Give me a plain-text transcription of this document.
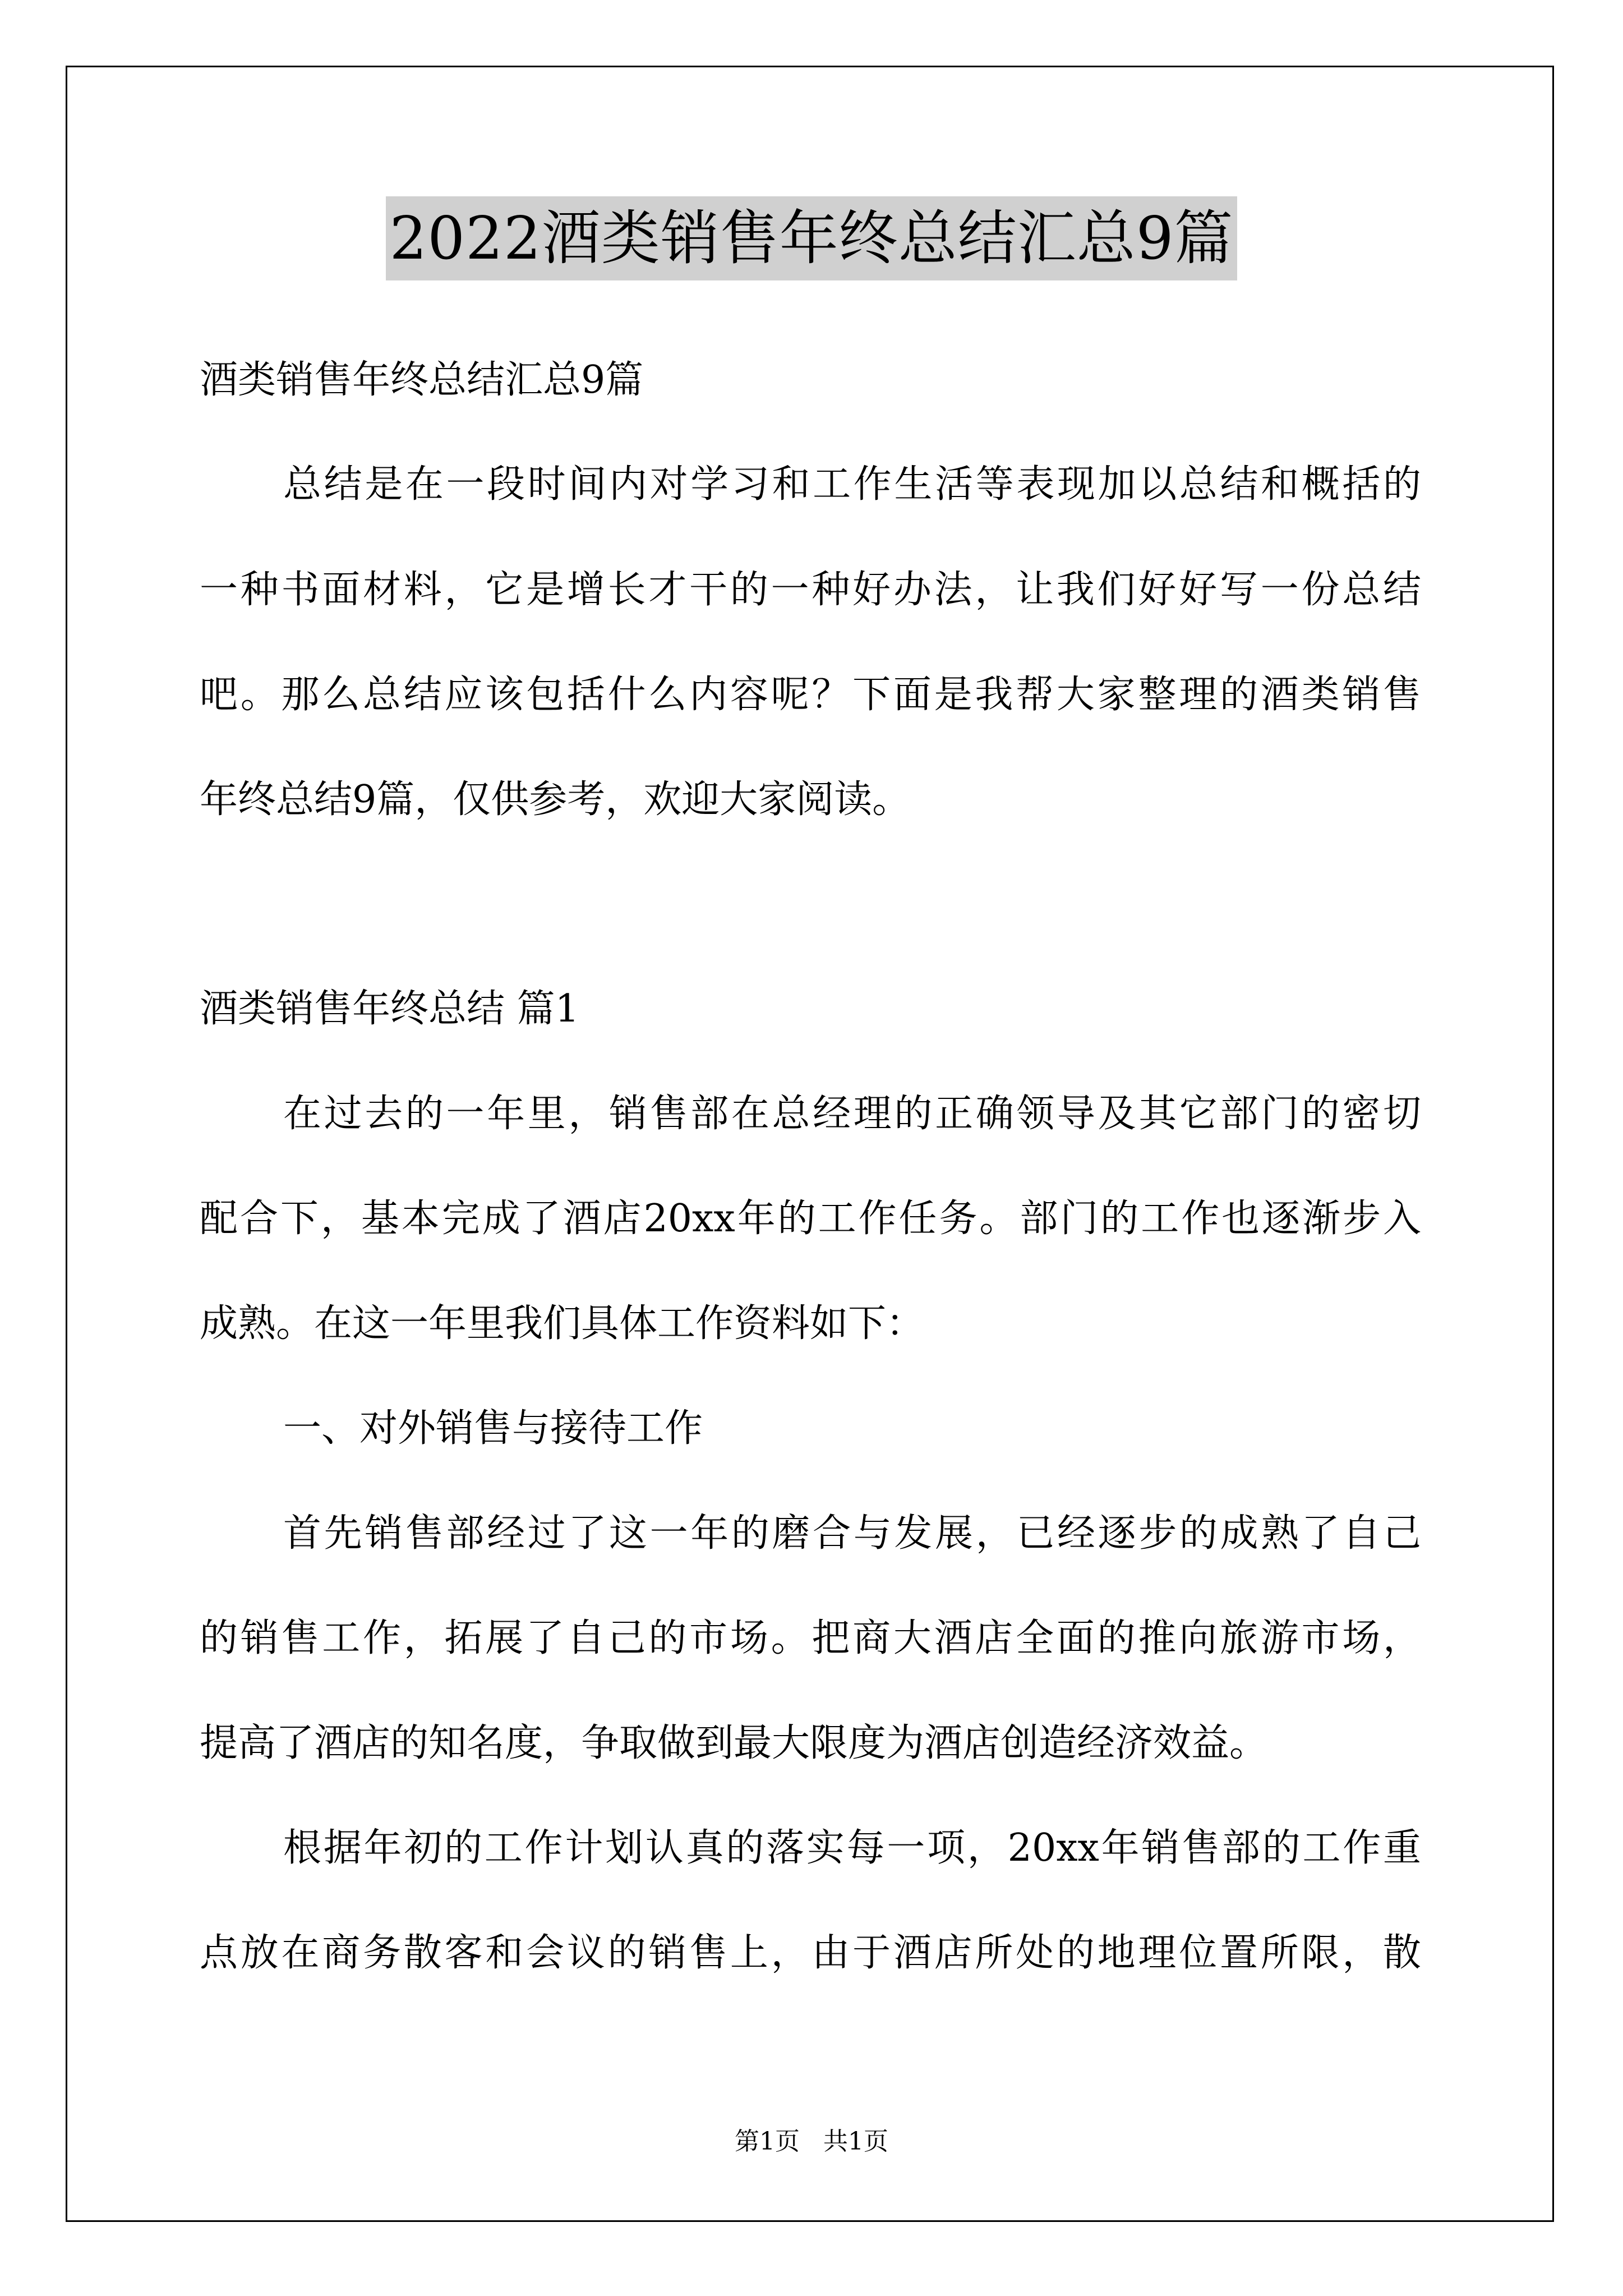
2022酒类销售年终总结汇总9篇
酒类销售年终总结汇总9篇
总结是在一段时间内对学习和工作生活等表现加以总结和概括的
一种书面材料，它是增长才干的一种好办法，让我们好好写一份总结
吧。那么总结应该包括什么内容呢？下面是我帮大家整理的酒类销售
年终总结9篇，仅供参考，欢迎大家阅读。
酒类销售年终总结 篇1
在过去的一年里，销售部在总经理的正确领导及其它部门的密切
配合下，基本完成了酒店20xx年的工作任务。部门的工作也逐渐步入
成熟。在这一年里我们具体工作资料如下：
一、对外销售与接待工作
首先销售部经过了这一年的磨合与发展，已经逐步的成熟了自己
的销售工作，拓展了自己的市场。把商大酒店全面的推向旅游市场，
提高了酒店的知名度，争取做到最大限度为酒店创造经济效益。
根据年初的工作计划认真的落实每一项，20xx年销售部的工作重
点放在商务散客和会议的销售上，由于酒店所处的地理位置所限，散
第1页   共1页
